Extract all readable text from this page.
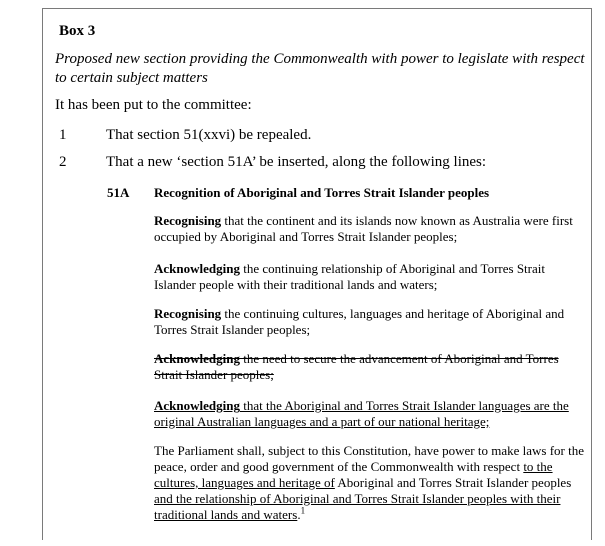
Box 3
Proposed new section providing the Commonwealth with power to legislate with respect to certain subject matters
It has been put to the committee:
1	That section 51(xxvi) be repealed.
2	That a new ‘section 51A’ be inserted, along the following lines:
51A Recognition of Aboriginal and Torres Strait Islander peoples
Recognising that the continent and its islands now known as Australia were first occupied by Aboriginal and Torres Strait Islander peoples;
Acknowledging the continuing relationship of Aboriginal and Torres Strait Islander people with their traditional lands and waters;
Recognising the continuing cultures, languages and heritage of Aboriginal and Torres Strait Islander peoples;
Acknowledging the need to secure the advancement of Aboriginal and Torres Strait Islander peoples;
Acknowledging that the Aboriginal and Torres Strait Islander languages are the original Australian languages and a part of our national heritage;
The Parliament shall, subject to this Constitution, have power to make laws for the peace, order and good government of the Commonwealth with respect to the cultures, languages and heritage of Aboriginal and Torres Strait Islander peoples and the relationship of Aboriginal and Torres Strait Islander peoples with their traditional lands and waters.$^1$
